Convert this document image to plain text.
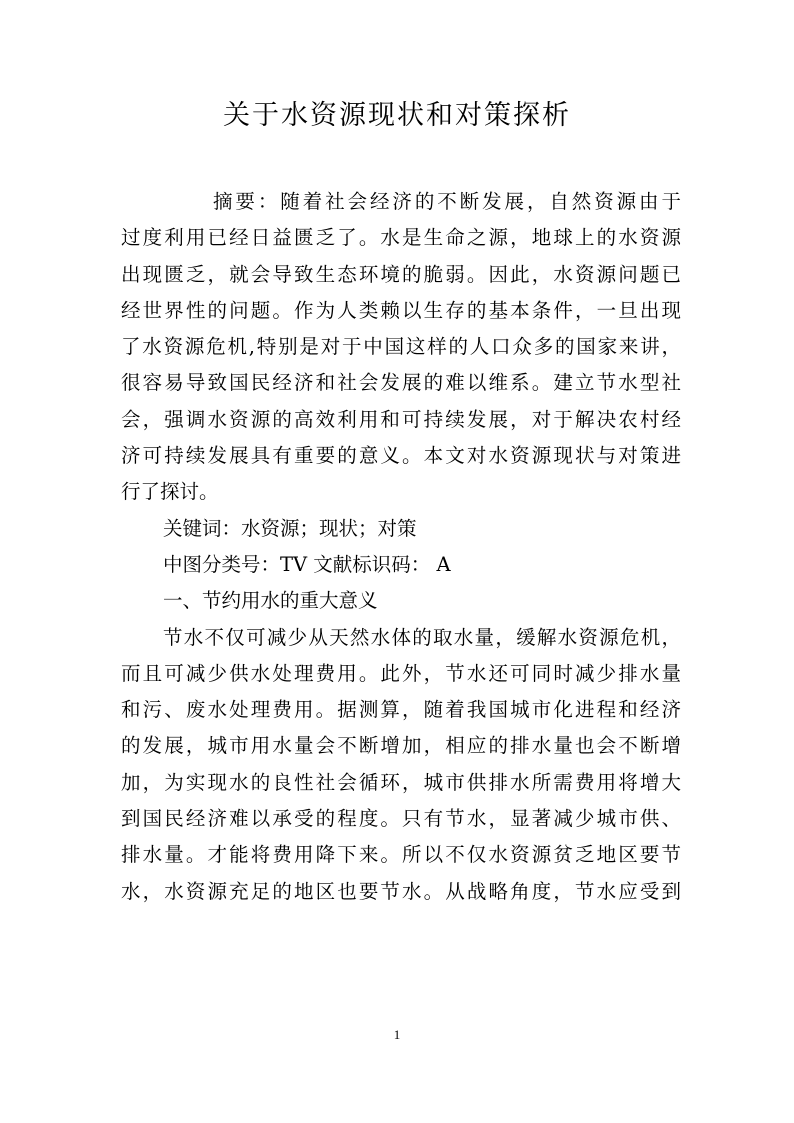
关于水资源现状和对策探析
摘要：随着社会经济的不断发展，自然资源由于
过度利用已经日益匮乏了。水是生命之源，地球上的水资源
出现匮乏，就会导致生态环境的脆弱。因此，水资源问题已
经世界性的问题。作为人类赖以生存的基本条件，一旦出现
了水资源危机,特别是对于中国这样的人口众多的国家来讲，
很容易导致国民经济和社会发展的难以维系。建立节水型社
会，强调水资源的高效利用和可持续发展，对于解决农村经
济可持续发展具有重要的意义。本文对水资源现状与对策进
行了探讨。
关键词：水资源；现状；对策
中图分类号：TV 文献标识码： A
一、节约用水的重大意义
节水不仅可减少从天然水体的取水量，缓解水资源危机，
而且可减少供水处理费用。此外，节水还可同时减少排水量
和污、废水处理费用。据测算，随着我国城市化进程和经济
的发展，城市用水量会不断增加，相应的排水量也会不断增
加，为实现水的良性社会循环，城市供排水所需费用将增大
到国民经济难以承受的程度。只有节水，显著减少城市供、
排水量。才能将费用降下来。所以不仅水资源贫乏地区要节
水，水资源充足的地区也要节水。从战略角度，节水应受到
1
